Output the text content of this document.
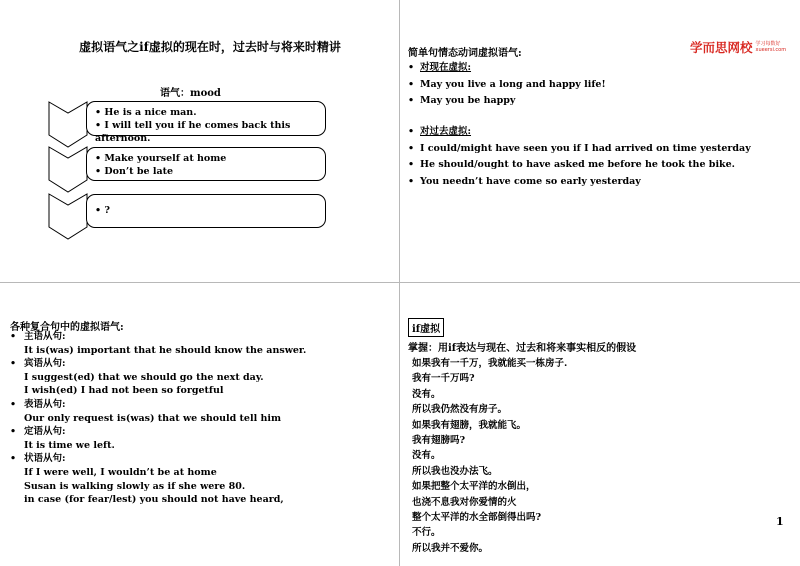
虚拟语气之if虚拟的现在时，过去时与将来时精讲
语气：mood
• He is a nice man.
• I will tell you if he comes back this afternoon.
• Make yourself at home
• Don’t be late
• ?
简单句情态动词虚拟语气:	学而思网校 学习每数好
xueersi.com
• 对现在虚拟:
• May you live a long and happy life!
• May you be happy
• 对过去虚拟:
• I could/might have seen you if I had arrived on time yesterday
• He should/ought to have asked me before he took the bike.
• You needn’t have come so early yesterday
各种复合句中的虚拟语气:
• 主语从句:
It is(was) important that he should know the answer.
• 宾语从句:
I suggest(ed) that we should go the next day.
I wish(ed) I had not been so forgetful
• 表语从句:
Our only request is(was) that we should tell him
• 定语从句:
It is time we left.
• 状语从句:
If I were well, I wouldn’t be at home
Susan is walking slowly as if she were 80.
in case (for fear/lest) you should not have heard,
if虚拟
掌握：用if表达与现在、过去和将来事实相反的假设
如果我有一千万，我就能买一栋房子.
我有一千万吗?
没有。
所以我仍然没有房子。
如果我有翅膀，我就能飞。
我有翅膀吗?
没有。
所以我也没办法飞。
如果把整个太平洋的水倒出，
也浇不息我对你爱情的火
整个太平洋的水全部倒得出吗?
不行。
所以我并不爱你。
1
